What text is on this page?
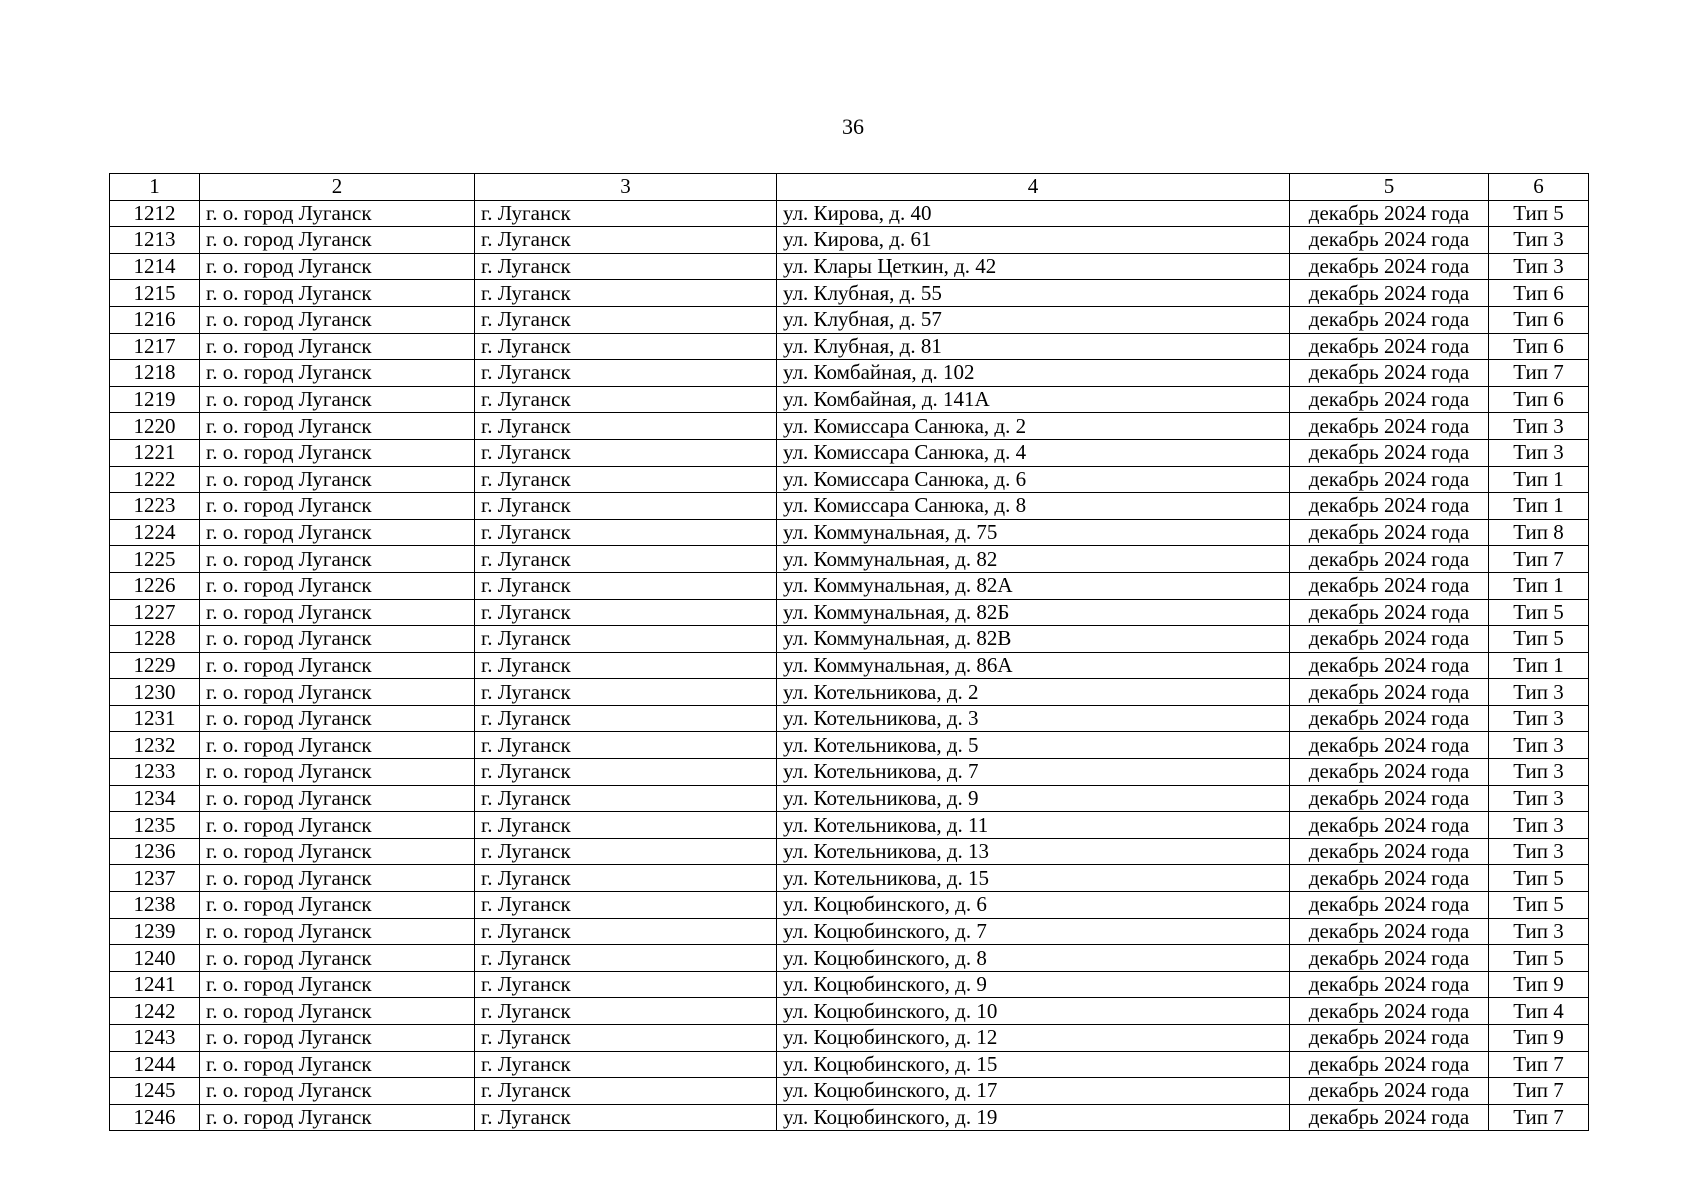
36
1	2	3	4	5	6
1212	г. о. город Луганск	г. Луганск	ул. Кирова, д. 40	декабрь 2024 года	Тип 5
1213	г. о. город Луганск	г. Луганск	ул. Кирова, д. 61	декабрь 2024 года	Тип 3
1214	г. о. город Луганск	г. Луганск	ул. Клары Цеткин, д. 42	декабрь 2024 года	Тип 3
1215	г. о. город Луганск	г. Луганск	ул. Клубная, д. 55	декабрь 2024 года	Тип 6
1216	г. о. город Луганск	г. Луганск	ул. Клубная, д. 57	декабрь 2024 года	Тип 6
1217	г. о. город Луганск	г. Луганск	ул. Клубная, д. 81	декабрь 2024 года	Тип 6
1218	г. о. город Луганск	г. Луганск	ул. Комбайная, д. 102	декабрь 2024 года	Тип 7
1219	г. о. город Луганск	г. Луганск	ул. Комбайная, д. 141А	декабрь 2024 года	Тип 6
1220	г. о. город Луганск	г. Луганск	ул. Комиссара Санюка, д. 2	декабрь 2024 года	Тип 3
1221	г. о. город Луганск	г. Луганск	ул. Комиссара Санюка, д. 4	декабрь 2024 года	Тип 3
1222	г. о. город Луганск	г. Луганск	ул. Комиссара Санюка, д. 6	декабрь 2024 года	Тип 1
1223	г. о. город Луганск	г. Луганск	ул. Комиссара Санюка, д. 8	декабрь 2024 года	Тип 1
1224	г. о. город Луганск	г. Луганск	ул. Коммунальная, д. 75	декабрь 2024 года	Тип 8
1225	г. о. город Луганск	г. Луганск	ул. Коммунальная, д. 82	декабрь 2024 года	Тип 7
1226	г. о. город Луганск	г. Луганск	ул. Коммунальная, д. 82А	декабрь 2024 года	Тип 1
1227	г. о. город Луганск	г. Луганск	ул. Коммунальная, д. 82Б	декабрь 2024 года	Тип 5
1228	г. о. город Луганск	г. Луганск	ул. Коммунальная, д. 82В	декабрь 2024 года	Тип 5
1229	г. о. город Луганск	г. Луганск	ул. Коммунальная, д. 86А	декабрь 2024 года	Тип 1
1230	г. о. город Луганск	г. Луганск	ул. Котельникова, д. 2	декабрь 2024 года	Тип 3
1231	г. о. город Луганск	г. Луганск	ул. Котельникова, д. 3	декабрь 2024 года	Тип 3
1232	г. о. город Луганск	г. Луганск	ул. Котельникова, д. 5	декабрь 2024 года	Тип 3
1233	г. о. город Луганск	г. Луганск	ул. Котельникова, д. 7	декабрь 2024 года	Тип 3
1234	г. о. город Луганск	г. Луганск	ул. Котельникова, д. 9	декабрь 2024 года	Тип 3
1235	г. о. город Луганск	г. Луганск	ул. Котельникова, д. 11	декабрь 2024 года	Тип 3
1236	г. о. город Луганск	г. Луганск	ул. Котельникова, д. 13	декабрь 2024 года	Тип 3
1237	г. о. город Луганск	г. Луганск	ул. Котельникова, д. 15	декабрь 2024 года	Тип 5
1238	г. о. город Луганск	г. Луганск	ул. Коцюбинского, д. 6	декабрь 2024 года	Тип 5
1239	г. о. город Луганск	г. Луганск	ул. Коцюбинского, д. 7	декабрь 2024 года	Тип 3
1240	г. о. город Луганск	г. Луганск	ул. Коцюбинского, д. 8	декабрь 2024 года	Тип 5
1241	г. о. город Луганск	г. Луганск	ул. Коцюбинского, д. 9	декабрь 2024 года	Тип 9
1242	г. о. город Луганск	г. Луганск	ул. Коцюбинского, д. 10	декабрь 2024 года	Тип 4
1243	г. о. город Луганск	г. Луганск	ул. Коцюбинского, д. 12	декабрь 2024 года	Тип 9
1244	г. о. город Луганск	г. Луганск	ул. Коцюбинского, д. 15	декабрь 2024 года	Тип 7
1245	г. о. город Луганск	г. Луганск	ул. Коцюбинского, д. 17	декабрь 2024 года	Тип 7
1246	г. о. город Луганск	г. Луганск	ул. Коцюбинского, д. 19	декабрь 2024 года	Тип 7
